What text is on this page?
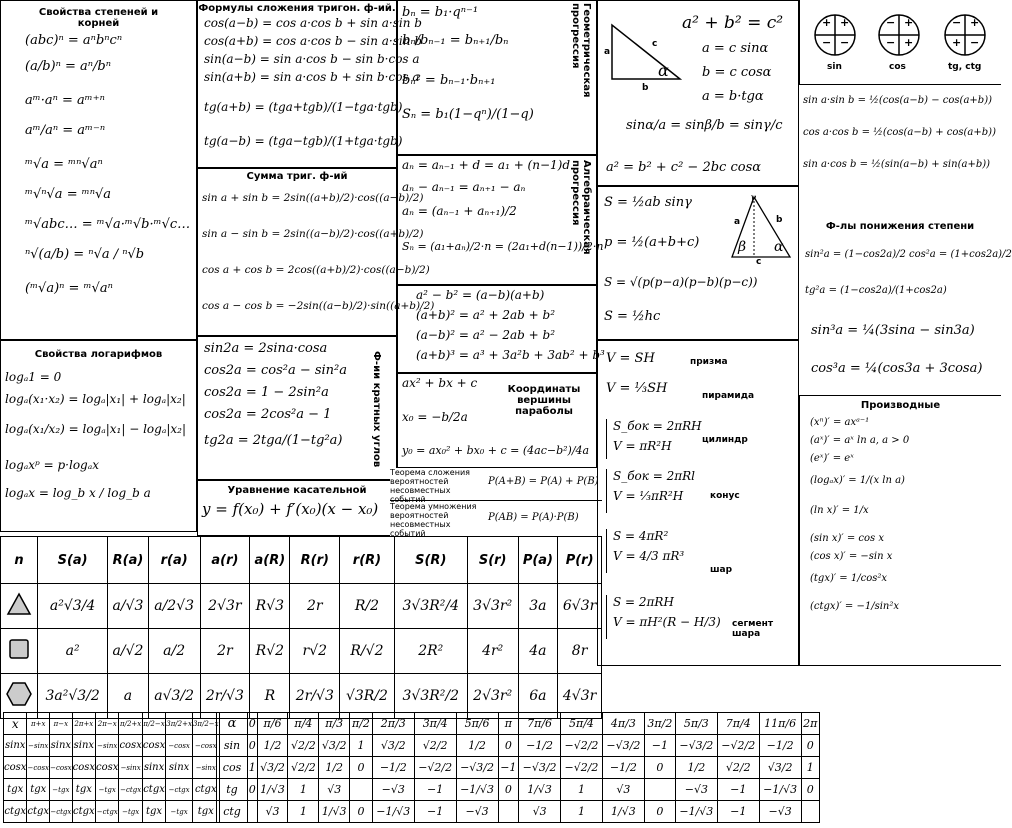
Свойства степеней и корней
(abc)ⁿ = aⁿbⁿcⁿ
(a/b)ⁿ = aⁿ/bⁿ
aᵐ·aⁿ = aᵐ⁺ⁿ
aᵐ/aⁿ = aᵐ⁻ⁿ
ᵐ√a = ᵐⁿ√aⁿ
ᵐ√ⁿ√a = ᵐⁿ√a
ᵐ√abc… = ᵐ√a·ᵐ√b·ᵐ√c…
ⁿ√(a/b) = ⁿ√a / ⁿ√b
(ᵐ√a)ⁿ = ᵐ√aⁿ
Свойства логарифмов
logₐ1 = 0
logₐ(x₁·x₂) = logₐ|x₁| + logₐ|x₂|
logₐ(x₁/x₂) = logₐ|x₁| − logₐ|x₂|
logₐxᵖ = p·logₐx
logₐx = log_b x / log_b a
Формулы сложения тригон. ф-ий.
cos(a−b) = cos a·cos b + sin a·sin b
cos(a+b) = cos a·cos b − sin a·sin b
sin(a−b) = sin a·cos b − sin b·cos a
sin(a+b) = sin a·cos b + sin b·cos a
tg(a+b) = (tga+tgb)/(1−tga·tgb)
tg(a−b) = (tga−tgb)/(1+tga·tgb)
Сумма триг. ф-ий
sin a + sin b = 2sin((a+b)/2)·cos((a−b)/2)
sin a − sin b = 2sin((a−b)/2)·cos((a+b)/2)
cos a + cos b = 2cos((a+b)/2)·cos((a−b)/2)
cos a − cos b = −2sin((a−b)/2)·sin((a+b)/2)
sin2a = 2sina·cosa
cos2a = cos²a − sin²a
cos2a = 1 − 2sin²a
cos2a = 2cos²a − 1
tg2a = 2tga/(1−tg²a)	Ф-ии кратных углов
Уравнение касательной
y = f(x₀) + f′(x₀)(x − x₀)
bₙ = b₁·qⁿ⁻¹
bₙ/bₙ₋₁ = bₙ₊₁/bₙ
bₙ² = bₙ₋₁·bₙ₊₁
Sₙ = b₁(1−qⁿ)/(1−q)
Геометрическая прогрессия
aₙ = aₙ₋₁ + d = a₁ + (n−1)d
aₙ − aₙ₋₁ = aₙ₊₁ − aₙ
aₙ = (aₙ₋₁ + aₙ₊₁)/2
Sₙ = (a₁+aₙ)/2·n = (2a₁+d(n−1))/2·n
Алгебраическая прогрессия
a² − b² = (a−b)(a+b)
(a+b)² = a² + 2ab + b²
(a−b)² = a² − 2ab + b²
(a+b)³ = a³ + 3a²b + 3ab² + b³
ax² + bx + c
x₀ = −b/2a
y₀ = ax₀² + bx₀ + c = (4ac−b²)/4a
Координаты вершины параболы
Теорема сложения вероятностей несовместных событий
P(A+B) = P(A) + P(B)
Теорема умножения вероятностей несовместных событий
P(AB) = P(A)·P(B)
a
c
b
α
a² + b² = c²
a = c sinα
b = c cosα
a = b·tgα
sinα/a = sinβ/b = sinγ/c
a² = b² + c² − 2bc cosα
S = ½ab sinγ
p = ½(a+b+c)
S = √(p(p−a)(p−b)(p−c))
S = ½hc
a	b
c
α
β
γ
V = SH	призма
V = ⅓SH	пирамида
S_бок = 2πRH
V = πR²H	цилиндр
S_бок = 2πRl
V = ⅓πR²H	конус
S = 4πR²
V = 4/3 πR³
шар
S = 2πRH
V = πH²(R − H/3) сегмент шара
+ +
− −
sin
− +
− +
cos
− +
+ −
tg, ctg
sin a·sin b = ½(cos(a−b) − cos(a+b))
cos a·cos b = ½(cos(a−b) + cos(a+b))
sin a·cos b = ½(sin(a−b) + sin(a+b))
Ф-лы понижения степени
sin²a = (1−cos2a)/2 cos²a = (1+cos2a)/2
tg²a = (1−cos2a)/(1+cos2a)
sin³a = ¼(3sina − sin3a)
cos³a = ¼(cos3a + 3cosa)
Производные
(xⁿ)′ = axᵃ⁻¹
(aˣ)′ = aˣ ln a, a > 0
(eˣ)′ = eˣ
(logₐx)′ = 1/(x ln a)
(ln x)′ = 1/x
(sin x)′ = cos x
(cos x)′ = −sin x
(tgx)′ = 1/cos²x
(ctgx)′ = −1/sin²x
n	S(a)	R(a)	r(a)	a(r)	a(R)	R(r)	r(R)	S(R)	S(r)	P(a)	P(r)
	a²√3/4	a/√3	a/2√3	2√3r	R√3	2r	R/2	3√3R²/4	3√3r²	3a	6√3r
	a²	a/√2	a/2	2r	R√2	r√2	R/√2	2R²	4r²	4a	8r
	3a²√3/2	a	a√3/2	2r/√3	R	2r/√3	√3R/2	3√3R²/2	2√3r²	6a	4√3r
x	π+x	π−x	2π+x	2π−x	π/2+x	π/2−x	3π/2+x	3π/2−x
sinx	−sinx	sinx	sinx	−sinx	cosx	cosx	−cosx	−cosx
cosx	−cosx	−cosx	cosx	cosx	−sinx	sinx	sinx	−sinx
tgx	tgx	−tgx	tgx	−tgx	−ctgx	ctgx	−ctgx	ctgx
ctgx	ctgx	−ctgx	ctgx	−ctgx	−tgx	tgx	−tgx	tgx
α	0	π/6	π/4	π/3	π/2	2π/3	3π/4	5π/6	π	7π/6	5π/4	4π/3	3π/2	5π/3	7π/4	11π/6	2π
sin	0	1/2	√2/2	√3/2	1	√3/2	√2/2	1/2	0	−1/2	−√2/2	−√3/2	−1	−√3/2	−√2/2	−1/2	0
cos	1	√3/2	√2/2	1/2	0	−1/2	−√2/2	−√3/2	−1	−√3/2	−√2/2	−1/2	0	1/2	√2/2	√3/2	1
tg	0	1/√3	1	√3		−√3	−1	−1/√3	0	1/√3	1	√3		−√3	−1	−1/√3	0
ctg		√3	1	1/√3	0	−1/√3	−1	−√3		√3	1	1/√3	0	−1/√3	−1	−√3	
